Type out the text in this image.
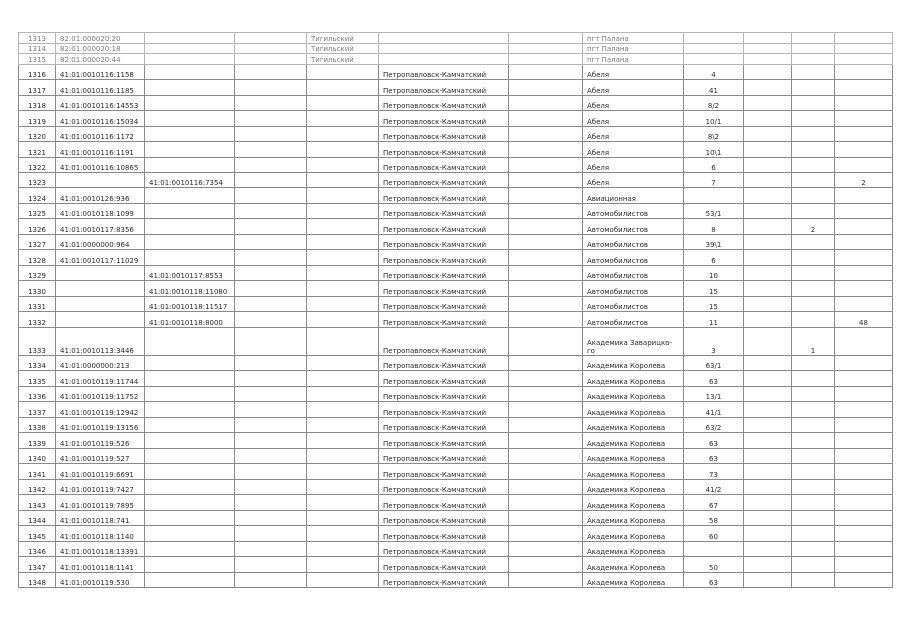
1313	82:01:000020:20			Тигильский			пгт Палана				
1314	82:01:000020:18			Тигильский			пгт Палана				
1315	82:01:000020:44			Тигильский			пгт Палана				
1316	41:01:0010116:1158				Петропавловск-Камчатский		Абеля	4			
1317	41:01:0010116:1185				Петропавловск-Камчатский		Абеля	41			
1318	41:01:0010116:14553				Петропавловск-Камчатский		Абеля	8/2			
1319	41:01:0010116:15034				Петропавловск-Камчатский		Абеля	10/1			
1320	41:01:0010116:1172				Петропавловск-Камчатский		Абеля	8\2			
1321	41:01:0010116:1191				Петропавловск-Камчатский		Абеля	10\1			
1322	41:01:0010116:10865				Петропавловск-Камчатский		Абеля	6			
1323		41:01:0010116:7354			Петропавловск-Камчатский		Абеля	7			2
1324	41:01:0010126:936				Петропавловск-Камчатский		Авиационная				
1325	41:01:0010118:1099				Петропавловск-Камчатский		Автомобилистов	53/1			
1326	41:01:0010117:8356				Петропавловск-Камчатский		Автомобилистов	8		2	
1327	41:01:0000000:964				Петропавловск-Камчатский		Автомобилистов	39\1			
1328	41:01:0010117:11029				Петропавловск-Камчатский		Автомобилистов	6			
1329		41:01:0010117:8553			Петропавловск-Камчатский		Автомобилистов	10			
1330		41:01:0010118:11080			Петропавловск-Камчатский		Автомобилистов	15			
1331		41:01:0010118:11517			Петропавловск-Камчатский		Автомобилистов	15			
1332		41:01:0010118:8000			Петропавловск-Камчатский		Автомобилистов	11			48
1333	41:01:0010113:3446				Петропавловск-Камчатский		Академика Заварицко-го	3		1	
1334	41:01:0000000:213				Петропавловск-Камчатский		Академика Королева	63/1			
1335	41:01:0010119:11744				Петропавловск-Камчатский		Академика Королева	63			
1336	41:01:0010119:11752				Петропавловск-Камчатский		Академика Королева	13/1			
1337	41:01:0010119:12942				Петропавловск-Камчатский		Академика Королева	41/1			
1338	41:01:0010119:13156				Петропавловск-Камчатский		Академика Королева	63/2			
1339	41:01:0010119:526				Петропавловск-Камчатский		Академика Королева	63			
1340	41:01:0010119:527				Петропавловск-Камчатский		Академика Королева	63			
1341	41:01:0010119:6691				Петропавловск-Камчатский		Академика Королева	73			
1342	41:01:0010119:7427				Петропавловск-Камчатский		Академика Королева	41/2			
1343	41:01:0010119:7895				Петропавловск-Камчатский		Академика Королева	67			
1344	41:01:0010118:741				Петропавловск-Камчатский		Академика Королева	58			
1345	41:01:0010118:1140				Петропавловск-Камчатский		Академика Королева	60			
1346	41:01:0010118:13391				Петропавловск-Камчатский		Академика Королева				
1347	41:01:0010118:1141				Петропавловск-Камчатский		Академика Королева	50			
1348	41:01:0010119:530				Петропавловск-Камчатский		Академика Королева	63			
